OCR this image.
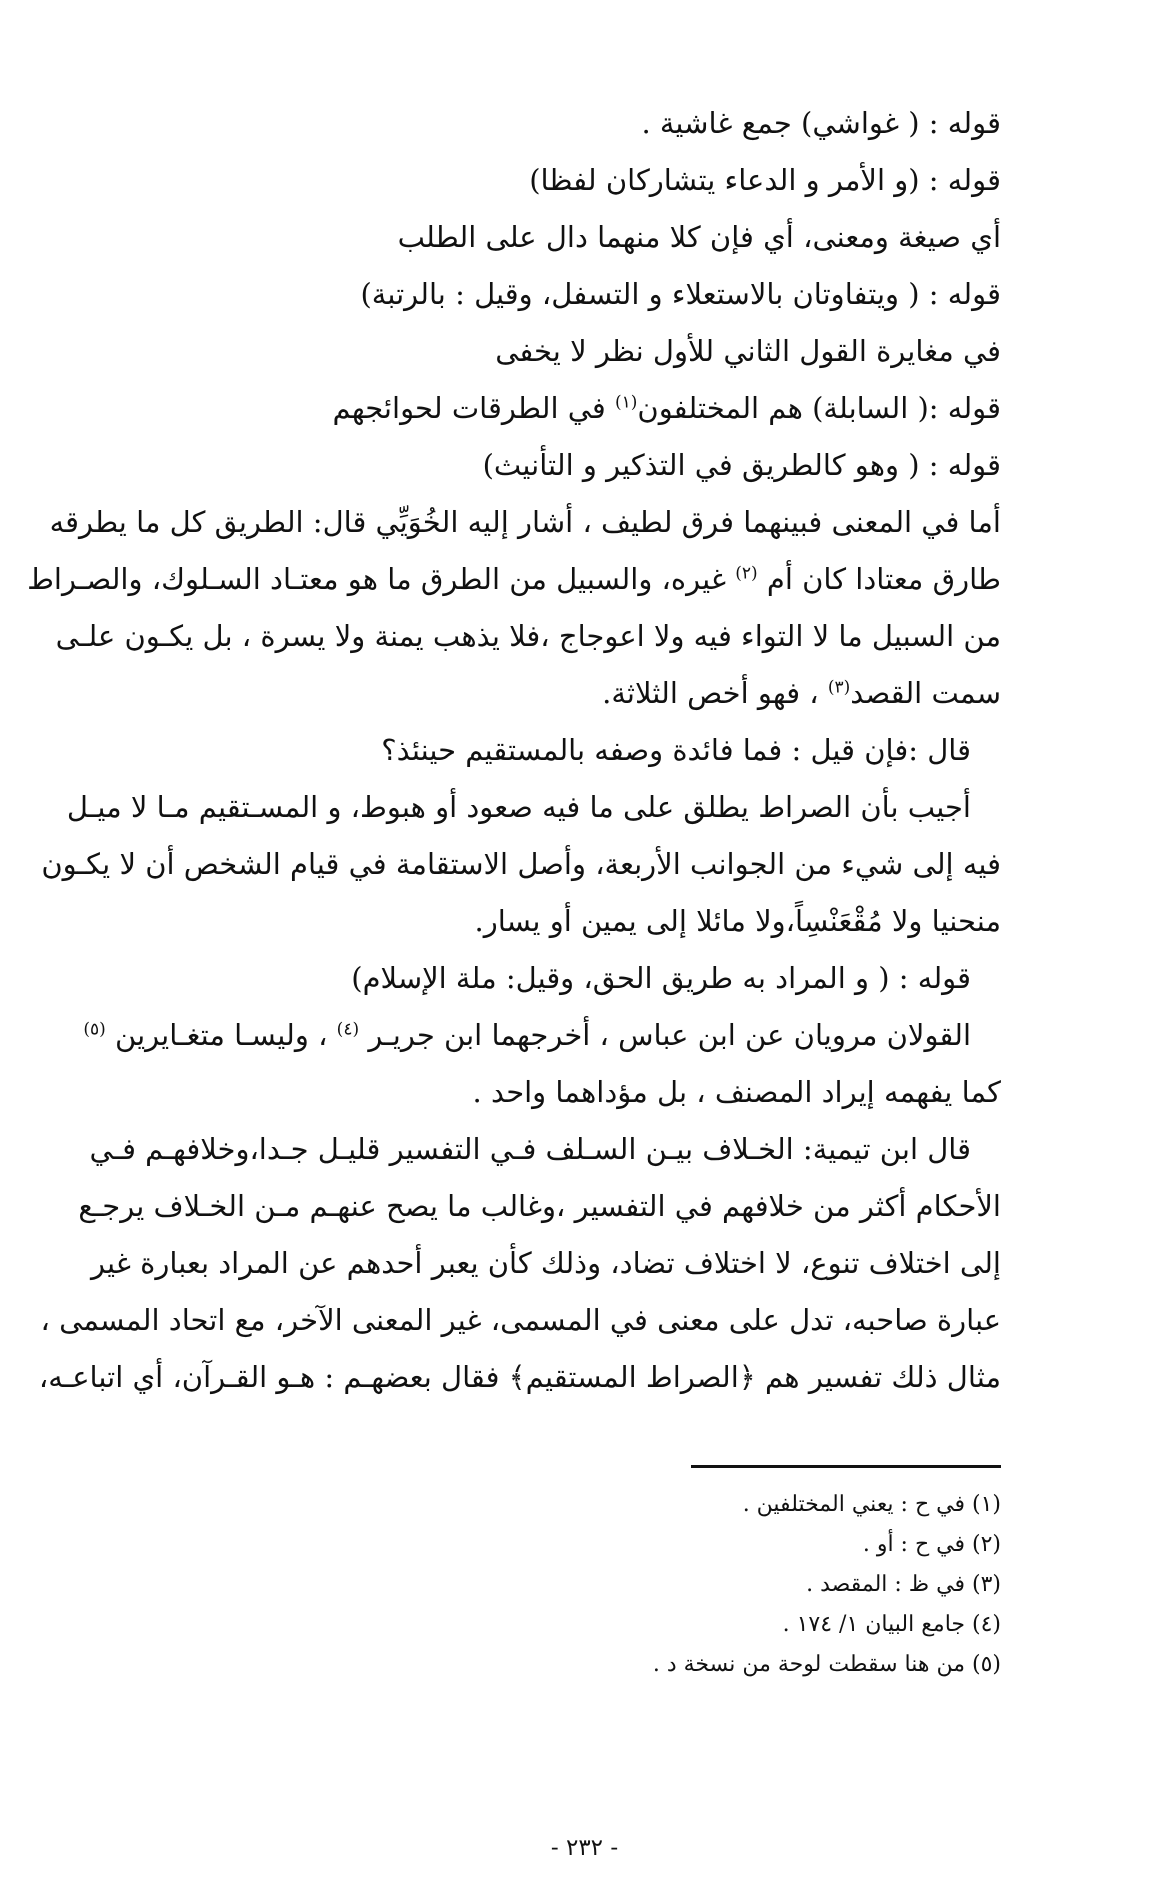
قوله : ( غواشي) جمع غاشية .
قوله : (و الأمر و الدعاء يتشاركان لفظا)
أي صيغة ومعنى، أي فإن كلا منهما دال على الطلب
قوله : ( ويتفاوتان بالاستعلاء و التسفل، وقيل : بالرتبة)
في مغايرة القول الثاني للأول نظر لا يخفى
قوله :( السابلة) هم المختلفون$^{(١)}$ في الطرقات لحوائجهم
قوله : ( وهو كالطريق في التذكير و التأنيث)
أما في المعنى فبينهما فرق لطيف ، أشار إليه الخُوَيِّي قال: الطريق كل ما يطرقه
طارق معتادا كان أم $^{(٢)}$ غيره، والسبيل من الطرق ما هو معتـاد السـلوك، والصـراط
من السبيل ما لا التواء فيه ولا اعوجاج ،فلا يذهب يمنة ولا يسرة ، بل يكـون علـى
سمت القصد$^{(٣)}$ ، فهو أخص الثلاثة.
قال :فإن قيل : فما فائدة وصفه بالمستقيم حينئذ؟
أجيب بأن الصراط يطلق على ما فيه صعود أو هبوط، و المسـتقيم مـا لا ميـل
فيه إلى شيء من الجوانب الأربعة، وأصل الاستقامة في قيام الشخص أن لا يكـون
منحنيا ولا مُقْعَنْسِاً،ولا مائلا إلى يمين أو يسار.
قوله : ( و المراد به طريق الحق، وقيل: ملة الإسلام)
القولان مرويان عن ابن عباس ، أخرجهما ابن جريـر $^{(٤)}$ ، وليسـا متغـايرين $^{(٥)}$
كما يفهمه إيراد المصنف ، بل مؤداهما واحد .
قال ابن تيمية: الخـلاف بيـن السـلف فـي التفسير قليـل جـدا،وخلافهـم فـي
الأحكام أكثر من خلافهم في التفسير ،وغالب ما يصح عنهـم مـن الخـلاف يرجـع
إلى اختلاف تنوع، لا اختلاف تضاد، وذلك كأن يعبر أحدهم عن المراد بعبارة غير
عبارة صاحبه، تدل على معنى في المسمى، غير المعنى الآخر، مع اتحاد المسمى ،
مثال ذلك تفسير هم ﴿الصراط المستقيم﴾ فقال بعضهـم : هـو القـرآن، أي اتباعـه،
(١) في ح : يعني المختلفين .
(٢) في ح : أو .
(٣) في ظ : المقصد .
(٤) جامع البيان ١/ ١٧٤ .
(٥) من هنا سقطت لوحة من نسخة د .
- ٢٣٢ -
